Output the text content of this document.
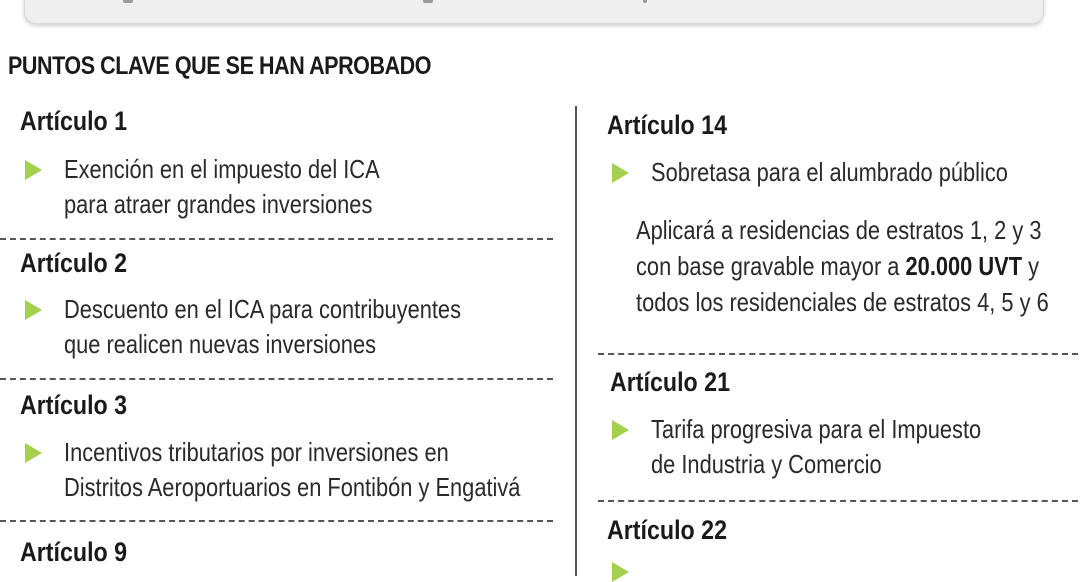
PUNTOS CLAVE QUE SE HAN APROBADO
Artículo 1

Exención en el impuesto del ICA
para atraer grandes inversiones

Artículo 2

Descuento en el ICA para contribuyentes
que realicen nuevas inversiones

Artículo 3

Incentivos tributarios por inversiones en
Distritos Aeroportuarios en Fontibón y Engativá

Artículo 9
Artículo 14

Sobretasa para el alumbrado público

Aplicará a residencias de estratos 1, 2 y 3
con base gravable mayor a 20.000 UVT y
todos los residenciales de estratos 4, 5 y 6

Artículo 21

Tarifa progresiva para el Impuesto
de Industria y Comercio

Artículo 22
